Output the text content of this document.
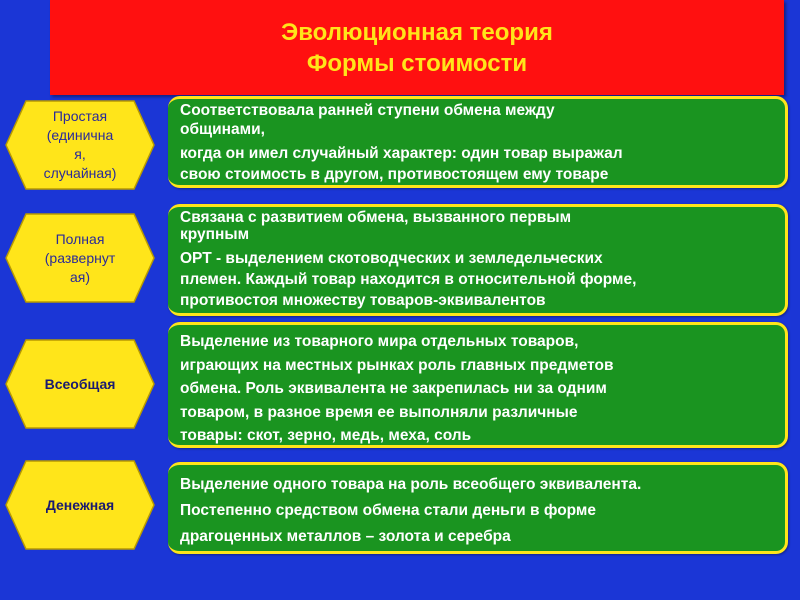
Эволюционная теория
Формы стоимости
Простая
(единична
я,
случайная)
Соответствовала ранней ступени обмена между
общинами,
когда он имел случайный характер: один товар выражал
свою стоимость в другом, противостоящем ему товаре
Полная
(развернут
ая)
Связана с развитием обмена, вызванного первым
крупным
ОРТ - выделением скотоводческих и земледельческих
племен. Каждый товар находится в относительной форме,
противостоя множеству товаров-эквивалентов
Всеобщая
Выделение из товарного мира отдельных товаров,
играющих на местных рынках роль главных предметов
обмена. Роль эквивалента не закрепилась ни за одним
товаром, в разное время ее выполняли различные
товары: скот, зерно, медь, меха, соль
Денежная
Выделение одного товара на роль всеобщего эквивалента.
Постепенно средством обмена стали деньги в форме
драгоценных металлов – золота и серебра
